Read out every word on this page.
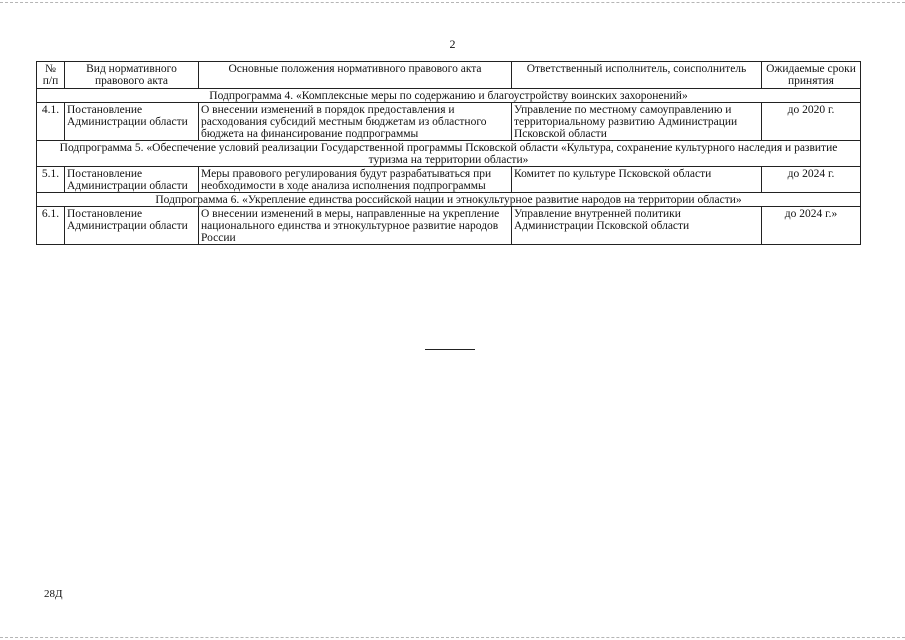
2
№ п/п	Вид нормативного правового акта	Основные положения нормативного правового акта	Ответственный исполнитель, соисполнитель	Ожидаемые сроки принятия
Подпрограмма 4. «Комплексные меры по содержанию и благоустройству воинских захоронений»				
4.1.	Постановление Администрации области	О внесении изменений в порядок предоставления и расходования субсидий местным бюджетам из областного бюджета на финансирование подпрограммы	Управление по местному самоуправлению и территориальному развитию Администрации Псковской области	до 2020 г.
Подпрограмма 5. «Обеспечение условий реализации Государственной программы Псковской области «Культура, сохранение культурного наследия и развитие туризма на территории области»				
5.1.	Постановление Администрации области	Меры правового регулирования будут разрабатываться при необходимости в ходе анализа исполнения подпрограммы	Комитет по культуре Псковской области	до 2024 г.
Подпрограмма 6. «Укрепление единства российской нации и этнокультурное развитие народов на территории области»				
6.1.	Постановление Администрации области	О внесении изменений в меры, направленные на укрепление национального единства и этнокультурное развитие народов России	Управление внутренней политики Администрации Псковской области	до 2024 г.»
28Д
